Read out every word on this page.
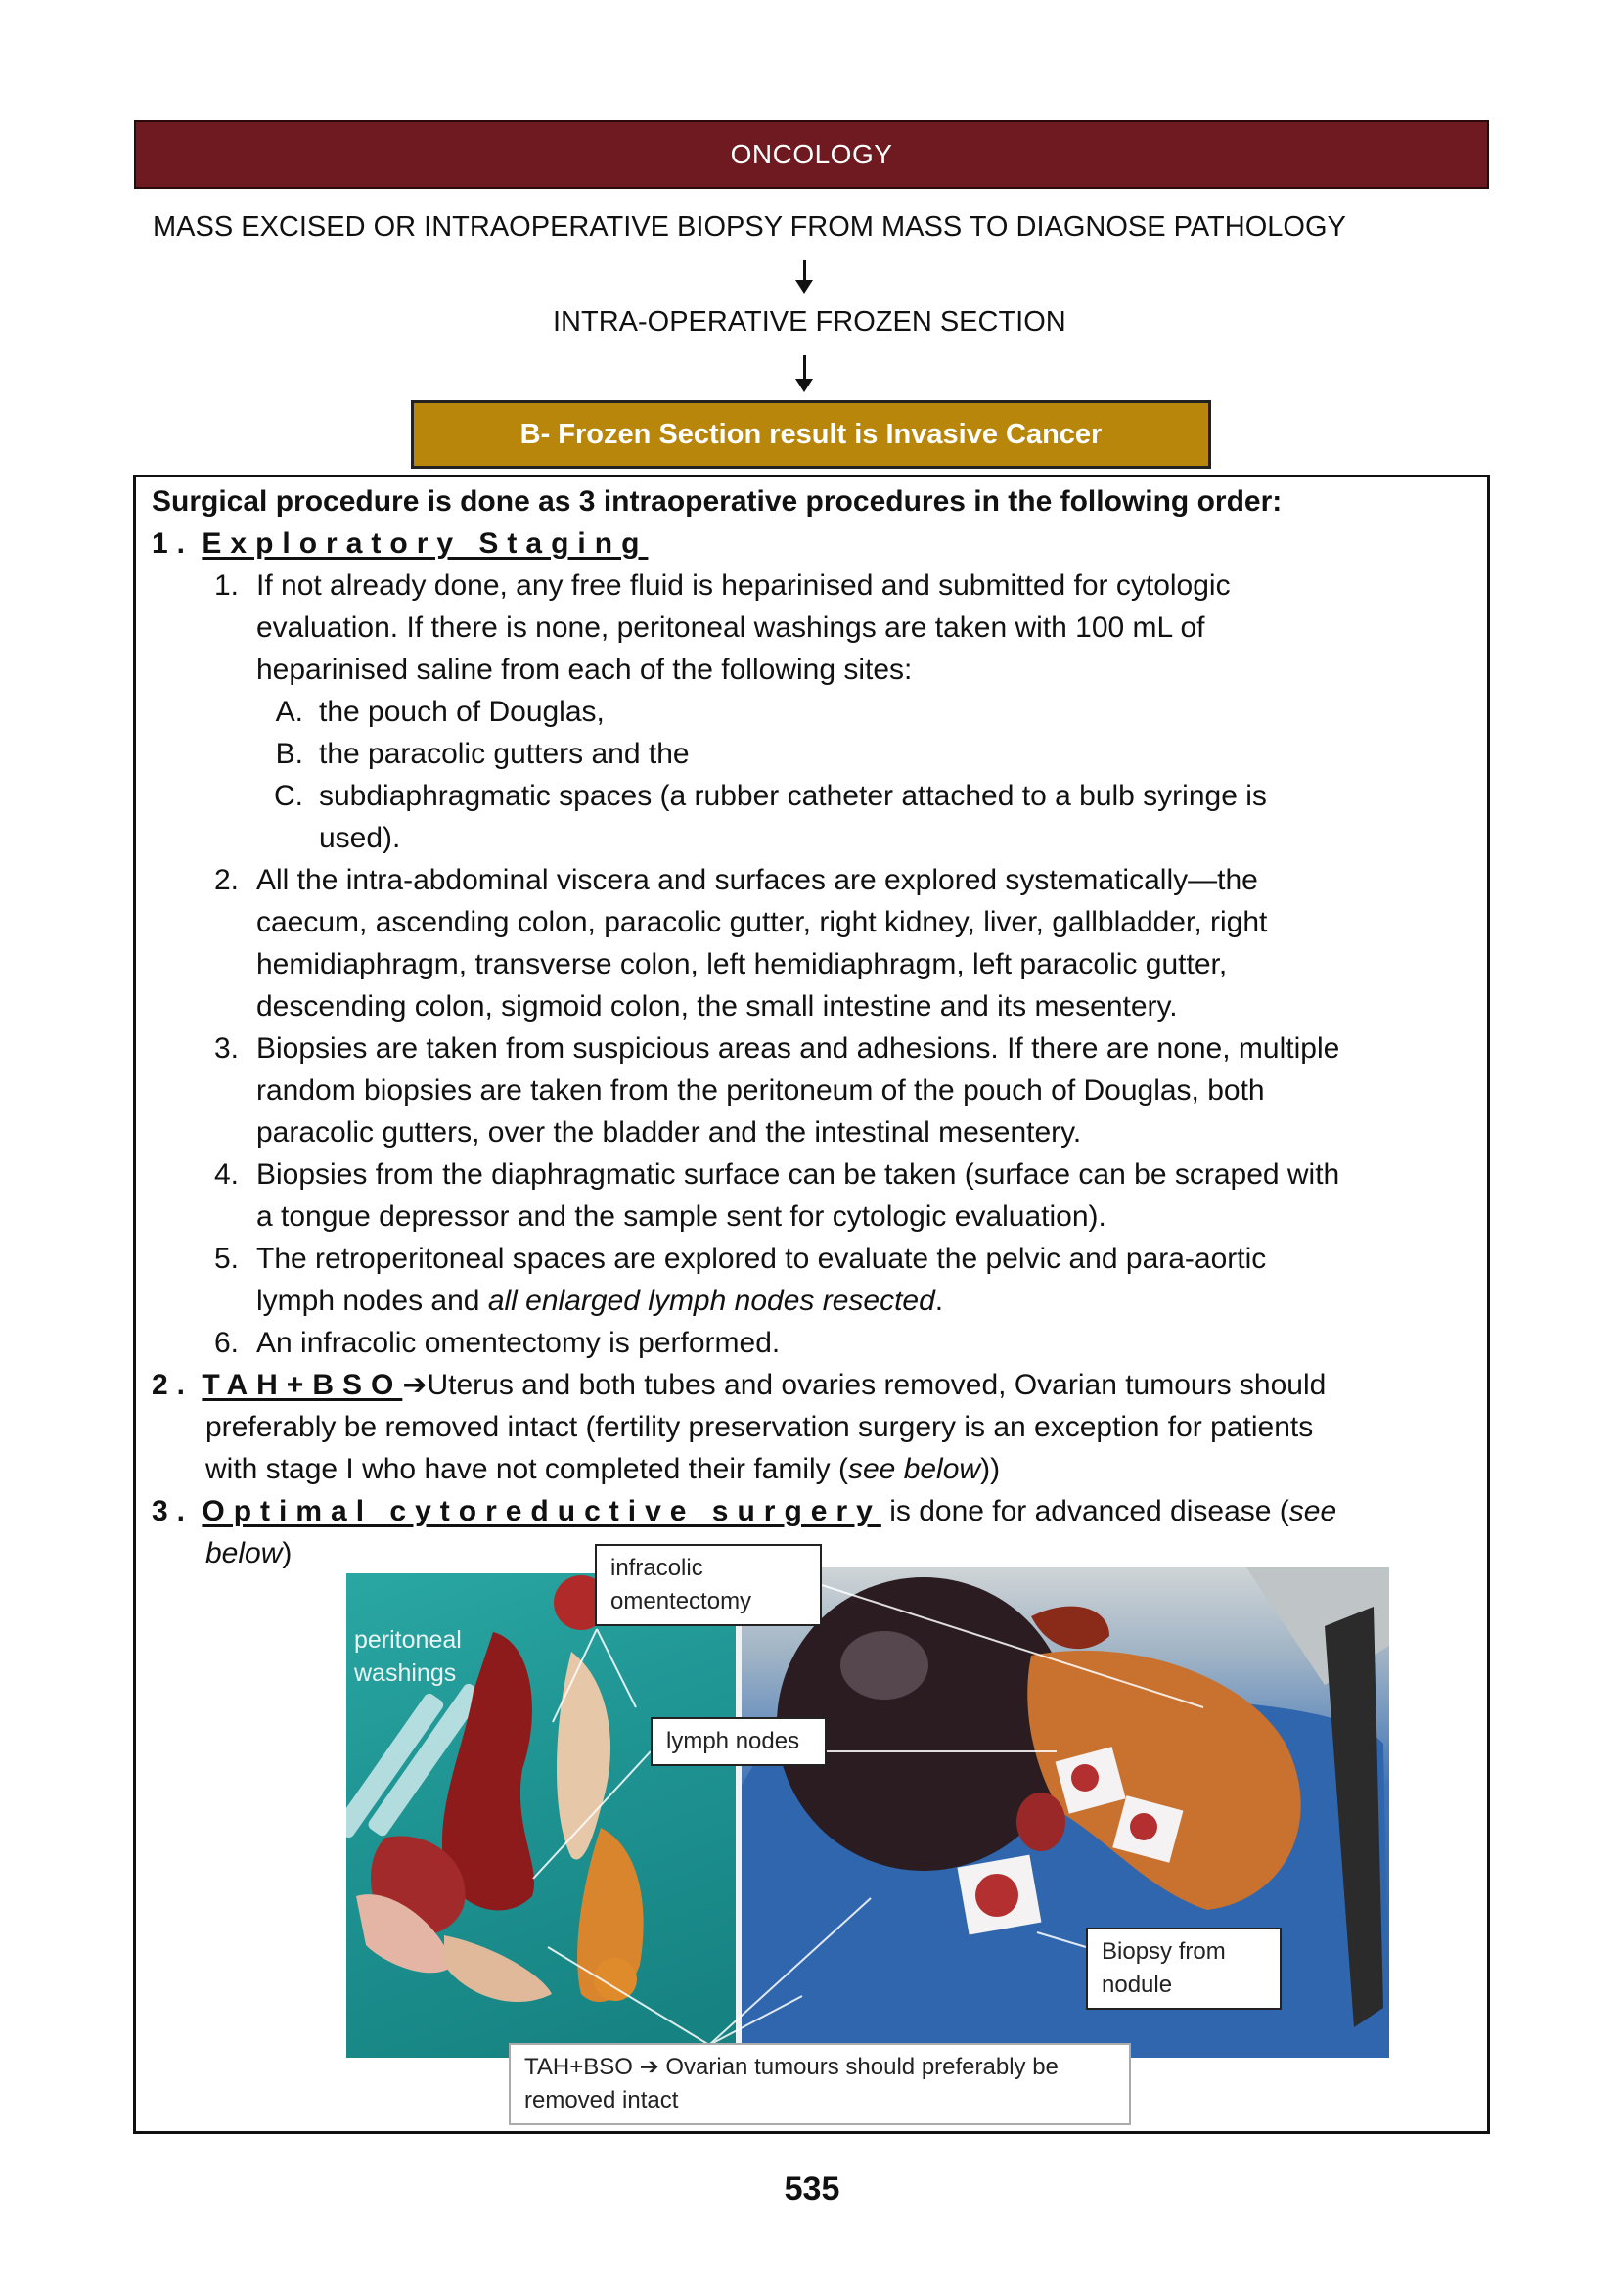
ONCOLOGY
MASS EXCISED OR INTRAOPERATIVE BIOPSY FROM MASS TO DIAGNOSE PATHOLOGY
INTRA-OPERATIVE FROZEN SECTION
B- Frozen Section result is Invasive Cancer
Surgical procedure is done as 3 intraoperative procedures in the following order:
1. Exploratory Staging
1. If not already done, any free fluid is heparinised and submitted for cytologic
evaluation. If there is none, peritoneal washings are taken with 100 mL of
heparinised saline from each of the following sites:
A. the pouch of Douglas,
B. the paracolic gutters and the
C. subdiaphragmatic spaces (a rubber catheter attached to a bulb syringe is
used).
2. All the intra-abdominal viscera and surfaces are explored systematically—the
caecum, ascending colon, paracolic gutter, right kidney, liver, gallbladder, right
hemidiaphragm, transverse colon, left hemidiaphragm, left paracolic gutter,
descending colon, sigmoid colon, the small intestine and its mesentery.
3. Biopsies are taken from suspicious areas and adhesions. If there are none, multiple
random biopsies are taken from the peritoneum of the pouch of Douglas, both
paracolic gutters, over the bladder and the intestinal mesentery.
4. Biopsies from the diaphragmatic surface can be taken (surface can be scraped with
a tongue depressor and the sample sent for cytologic evaluation).
5. The retroperitoneal spaces are explored to evaluate the pelvic and para-aortic
lymph nodes and all enlarged lymph nodes resected.
6. An infracolic omentectomy is performed.
2. TAH+BSO➔Uterus and both tubes and ovaries removed, Ovarian tumours should
preferably be removed intact (fertility preservation surgery is an exception for patients
with stage I who have not completed their family (see below))
3. Optimal cytoreductive surgery is done for advanced disease (see
below)
peritoneal
washings
infracolic
omentectomy
lymph nodes
Biopsy from
nodule
TAH+BSO ➔ Ovarian tumours should preferably be
removed intact
535
